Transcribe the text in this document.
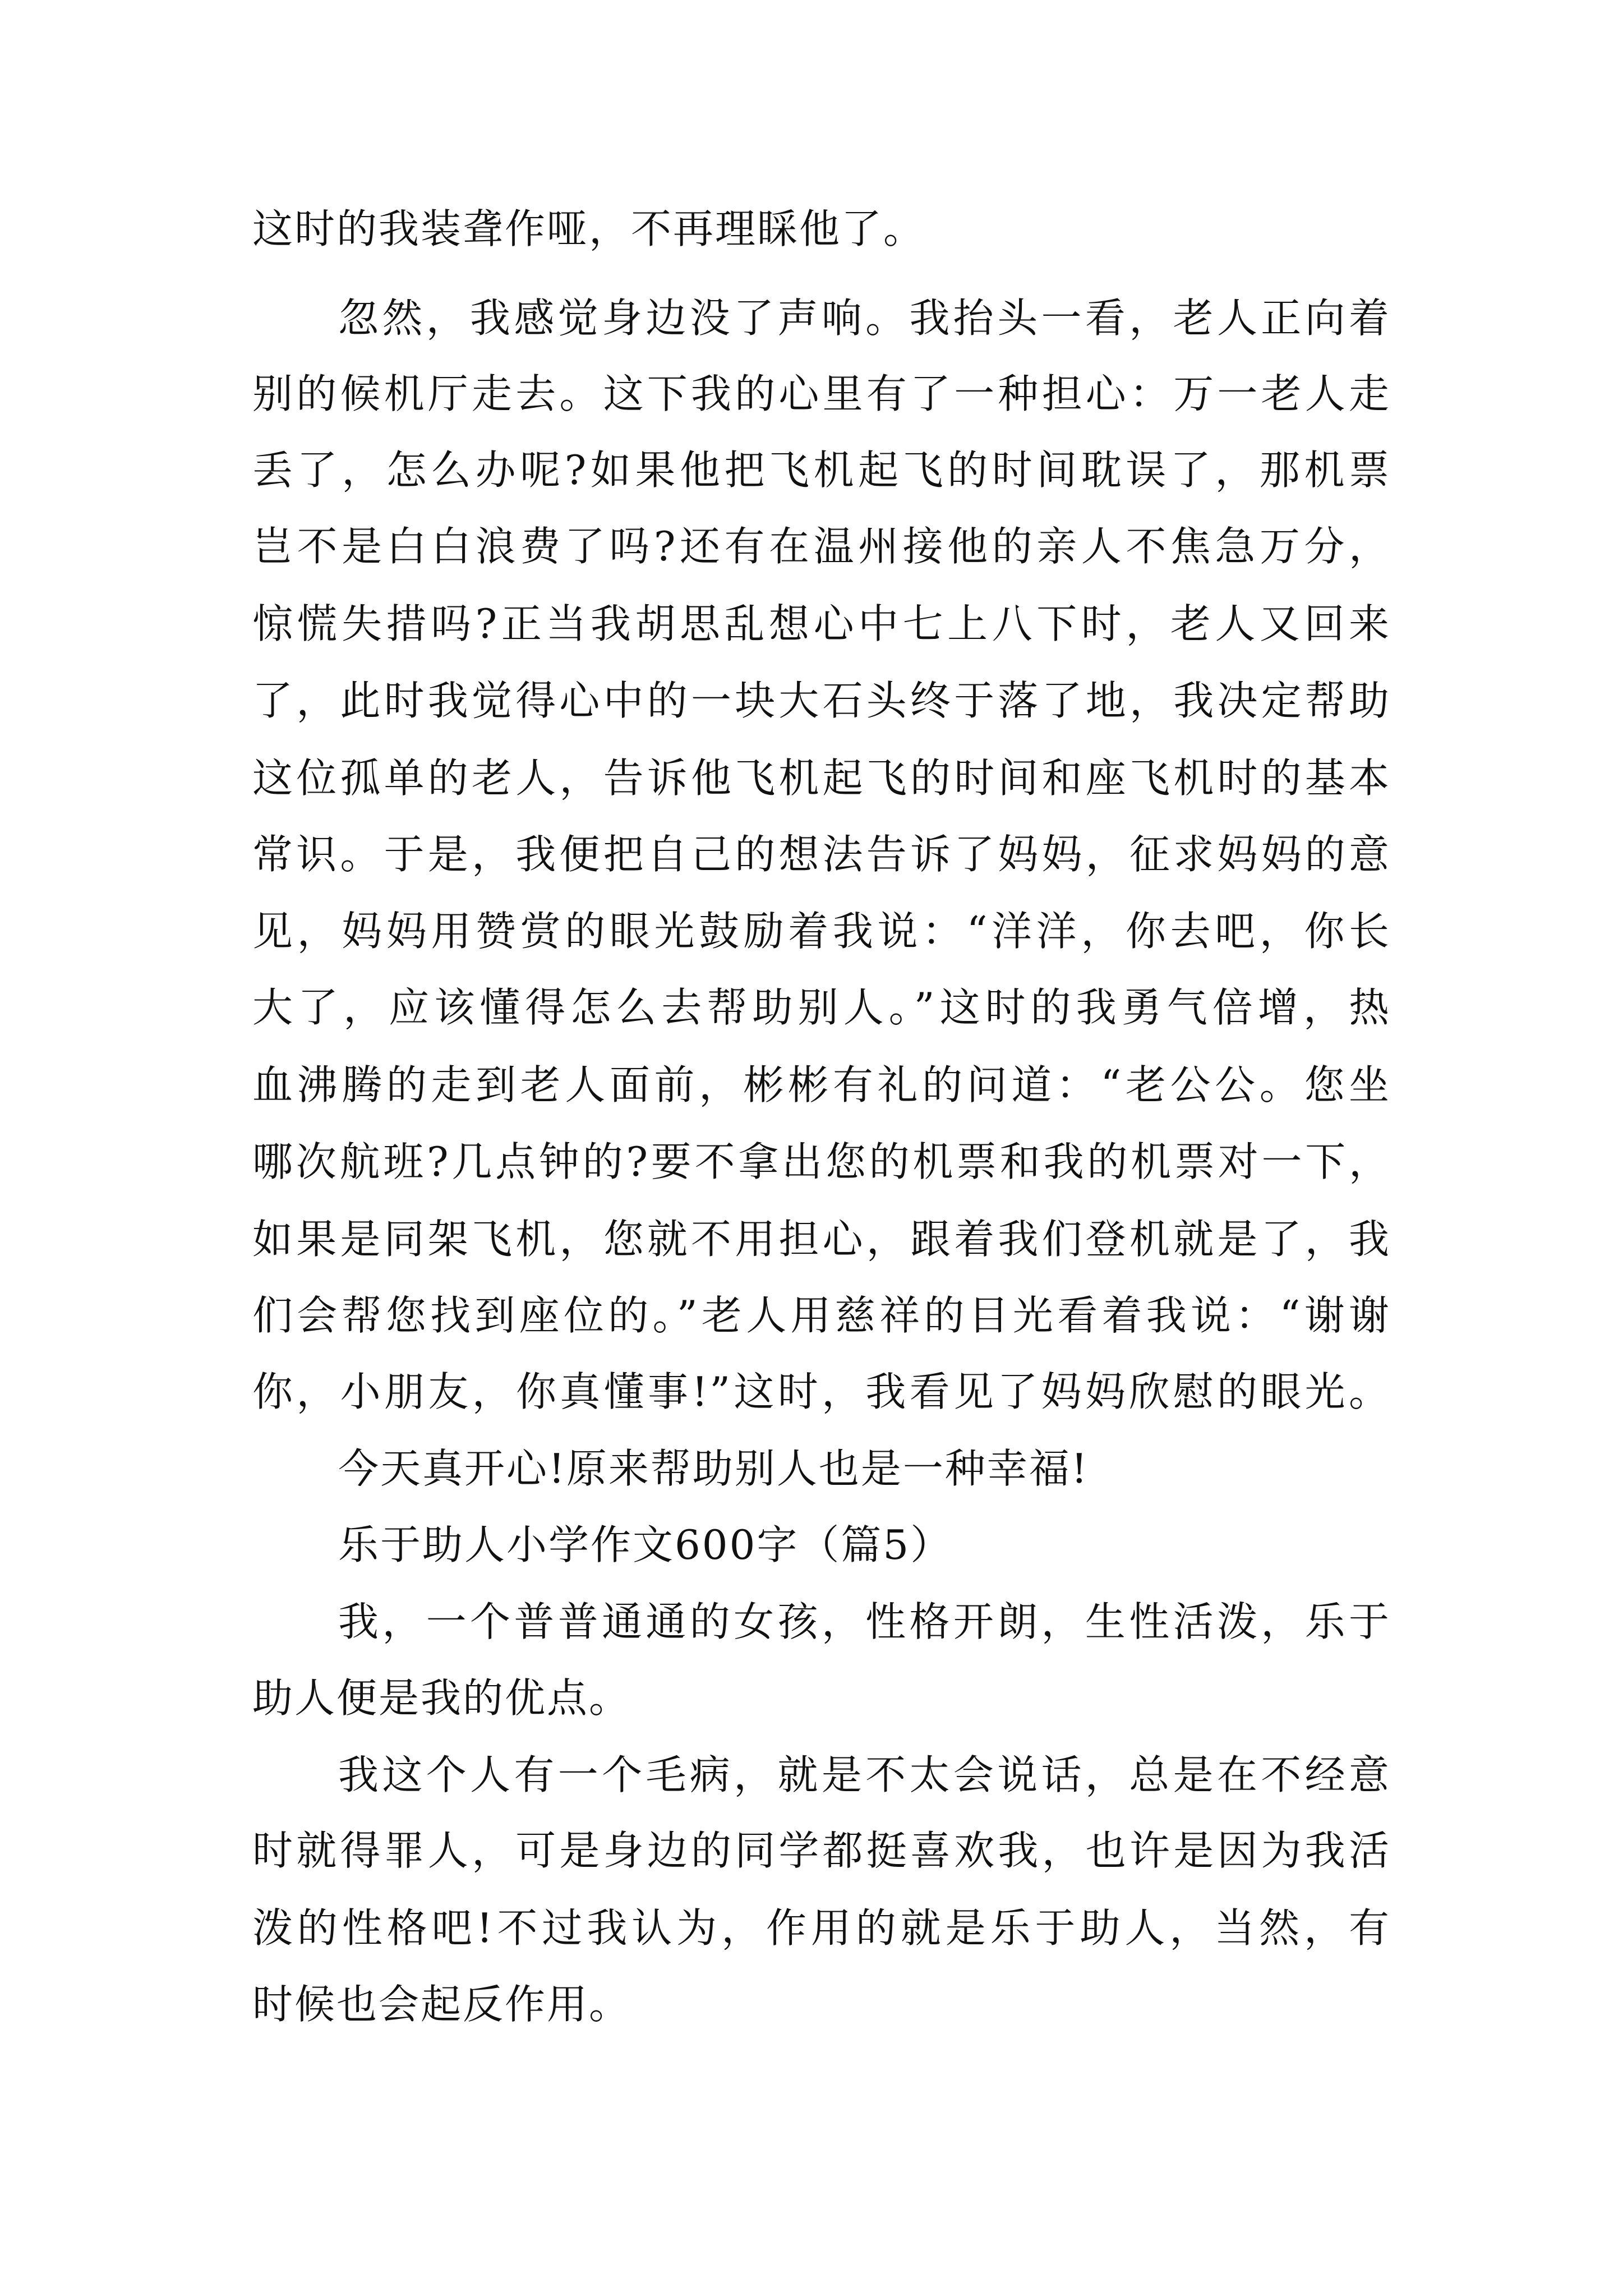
这时的我装聋作哑，不再理睬他了。
忽然，我感觉身边没了声响。我抬头一看，老人正向着
别的候机厅走去。这下我的心里有了一种担心：万一老人走
丢了，怎么办呢?如果他把飞机起飞的时间耽误了，那机票
岂不是白白浪费了吗?还有在温州接他的亲人不焦急万分，
惊慌失措吗?正当我胡思乱想心中七上八下时，老人又回来
了，此时我觉得心中的一块大石头终于落了地，我决定帮助
这位孤单的老人，告诉他飞机起飞的时间和座飞机时的基本
常识。于是，我便把自己的想法告诉了妈妈，征求妈妈的意
见，妈妈用赞赏的眼光鼓励着我说：“洋洋，你去吧，你长
大了，应该懂得怎么去帮助别人。”这时的我勇气倍增，热
血沸腾的走到老人面前，彬彬有礼的问道：“老公公。您坐
哪次航班?几点钟的?要不拿出您的机票和我的机票对一下，
如果是同架飞机，您就不用担心，跟着我们登机就是了，我
们会帮您找到座位的。”老人用慈祥的目光看着我说：“谢谢
你，小朋友，你真懂事!”这时，我看见了妈妈欣慰的眼光。
今天真开心!原来帮助别人也是一种幸福!
乐于助人小学作文600字（篇5）
我，一个普普通通的女孩，性格开朗，生性活泼，乐于
助人便是我的优点。
我这个人有一个毛病，就是不太会说话，总是在不经意
时就得罪人，可是身边的同学都挺喜欢我，也许是因为我活
泼的性格吧!不过我认为，作用的就是乐于助人，当然，有
时候也会起反作用。
